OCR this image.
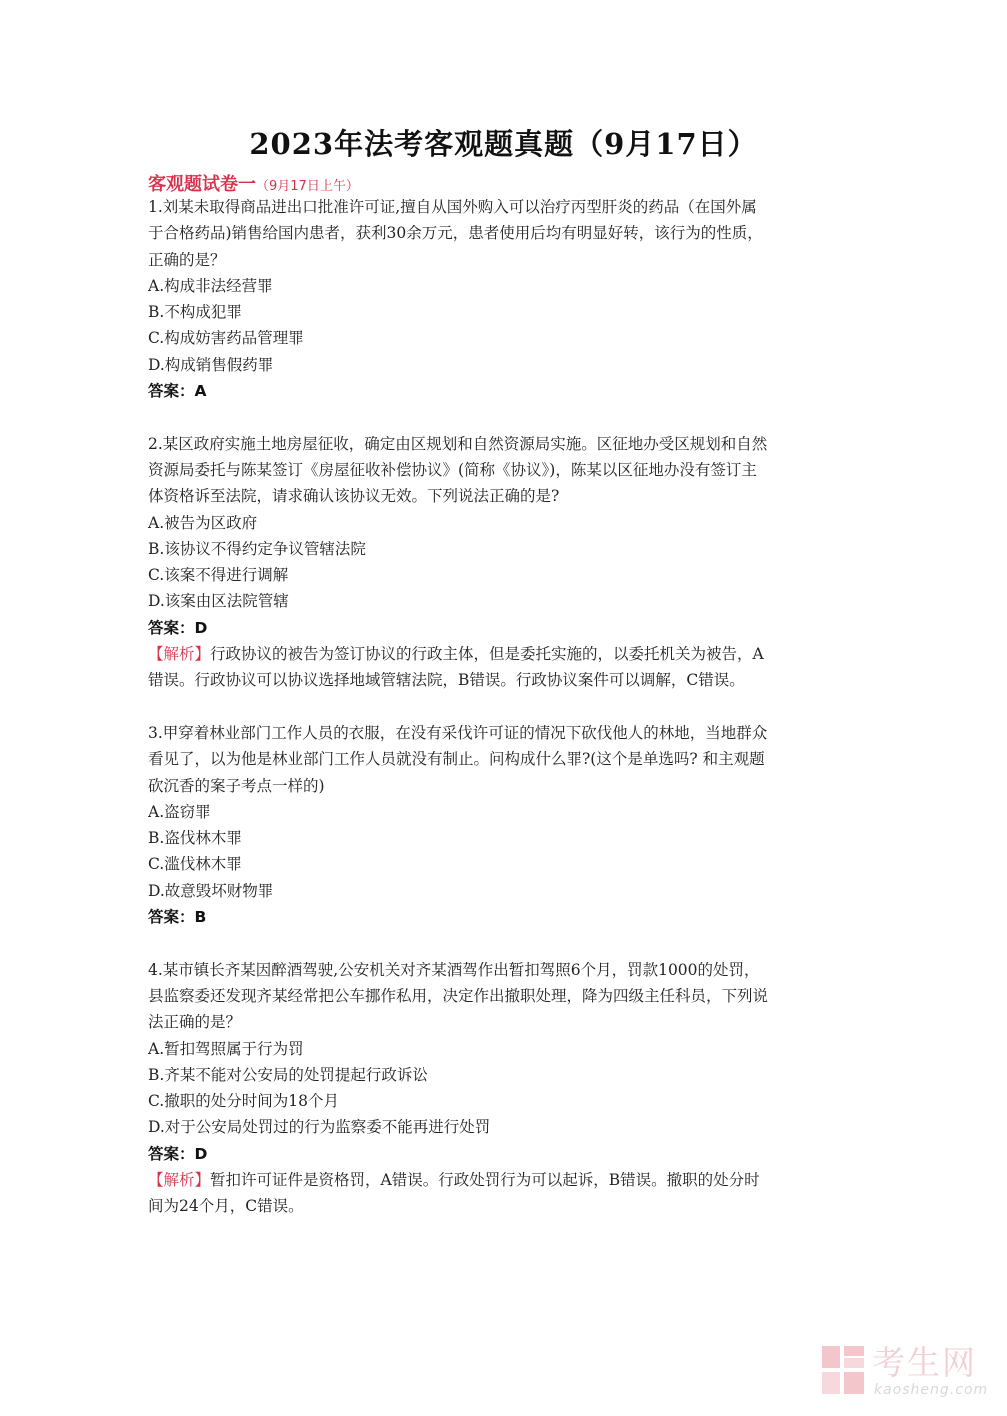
2023年法考客观题真题（9月17日）
客观题试卷一（9月17日上午）
1.刘某未取得商品进出口批准许可证,擅自从国外购入可以治疗丙型肝炎的药品（在国外属
于合格药品)销售给国内患者，获利30余万元，患者使用后均有明显好转，该行为的性质，
正确的是？
A.构成非法经营罪
B.不构成犯罪
C.构成妨害药品管理罪
D.构成销售假药罪
答案：A
2.某区政府实施土地房屋征收，确定由区规划和自然资源局实施。区征地办受区规划和自然
资源局委托与陈某签订《房屋征收补偿协议》(简称《协议》)，陈某以区征地办没有签订主
体资格诉至法院，请求确认该协议无效。下列说法正确的是?
A.被告为区政府
B.该协议不得约定争议管辖法院
C.该案不得进行调解
D.该案由区法院管辖
答案：D
【解析】行政协议的被告为签订协议的行政主体，但是委托实施的，以委托机关为被告，A
错误。行政协议可以协议选择地域管辖法院，B错误。行政协议案件可以调解，C错误。
3.甲穿着林业部门工作人员的衣服，在没有采伐许可证的情况下砍伐他人的林地，当地群众
看见了，以为他是林业部门工作人员就没有制止。问构成什么罪?(这个是单选吗? 和主观题
砍沉香的案子考点一样的)
A.盗窃罪
B.盗伐林木罪
C.滥伐林木罪
D.故意毁坏财物罪
答案：B
4.某市镇长齐某因醉酒驾驶,公安机关对齐某酒驾作出暂扣驾照6个月，罚款1000的处罚，
县监察委还发现齐某经常把公车挪作私用，决定作出撤职处理，降为四级主任科员，下列说
法正确的是？
A.暂扣驾照属于行为罚
B.齐某不能对公安局的处罚提起行政诉讼
C.撤职的处分时间为18个月
D.对于公安局处罚过的行为监察委不能再进行处罚
答案：D
【解析】暂扣许可证件是资格罚，A错误。行政处罚行为可以起诉，B错误。撤职的处分时
间为24个月，C错误。
考生网
kaosheng.com
